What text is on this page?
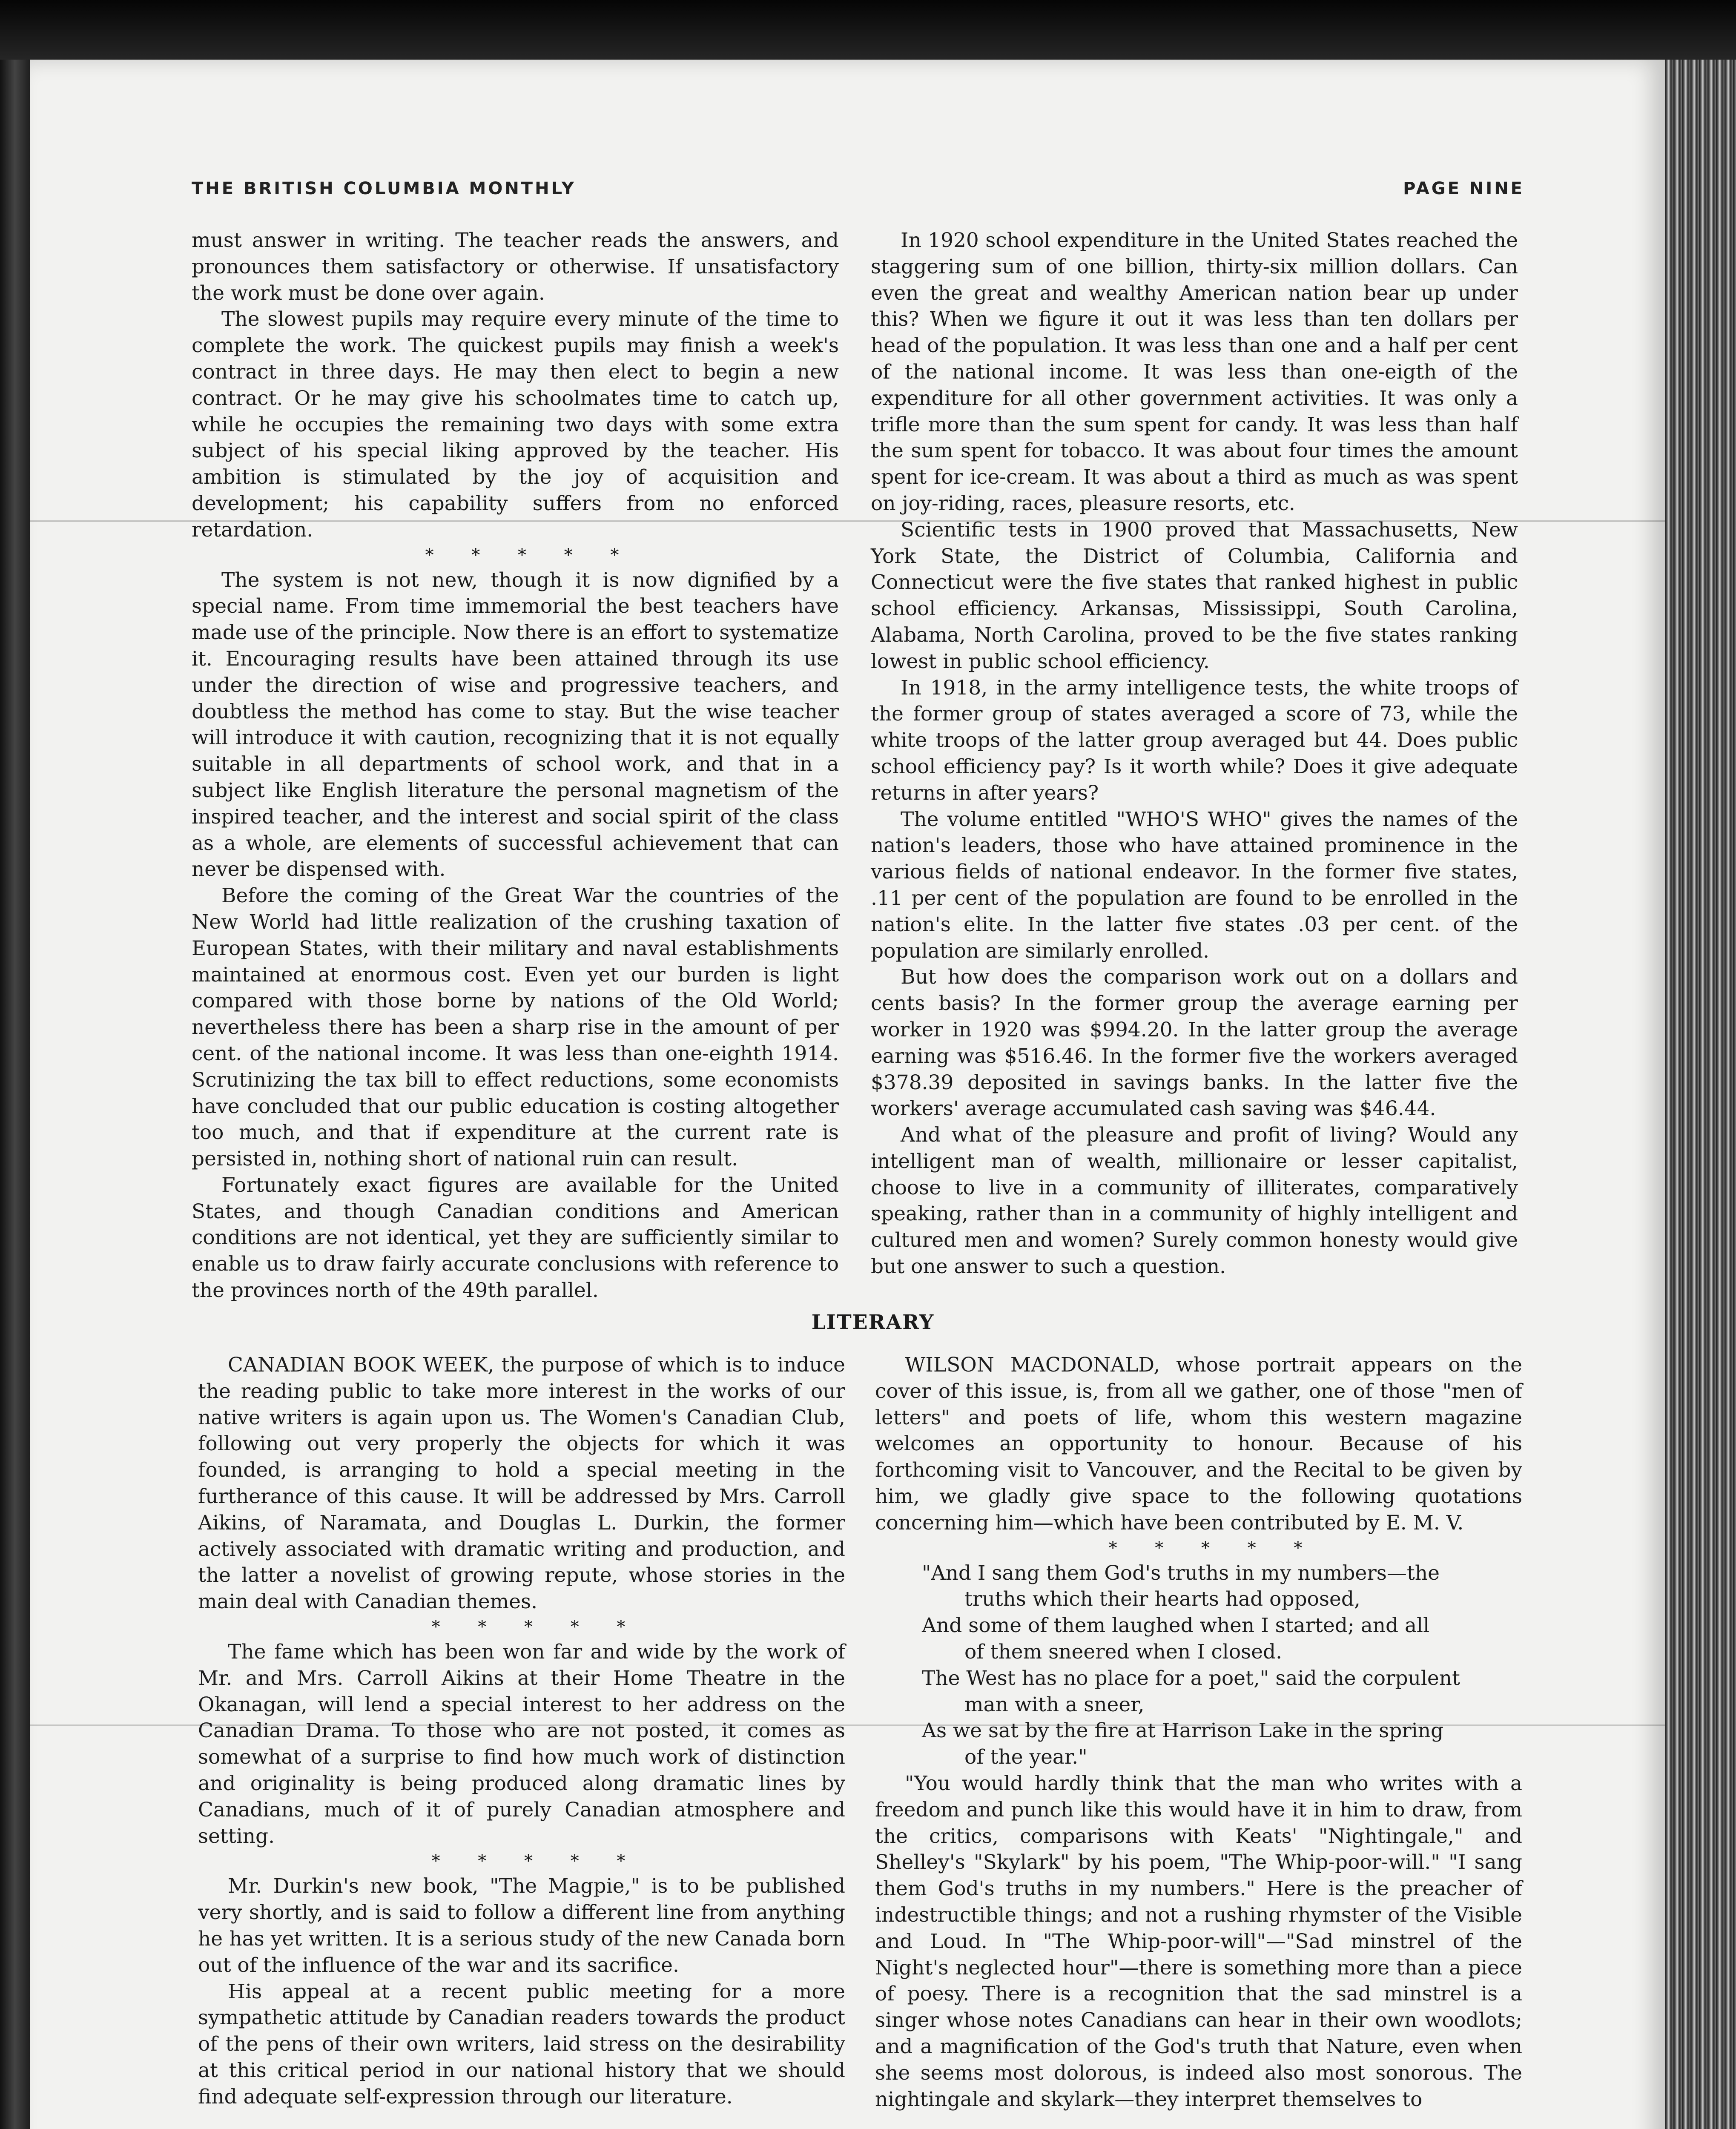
THE BRITISH COLUMBIA MONTHLY	PAGE NINE

must answer in writing. The teacher reads the answers, and pronounces them satisfactory or otherwise. If unsatisfactory the work must be done over again.

The slowest pupils may require every minute of the time to complete the work. The quickest pupils may finish a week's contract in three days. He may then elect to begin a new contract. Or he may give his schoolmates time to catch up, while he occupies the remaining two days with some extra subject of his special liking approved by the teacher. His ambition is stimulated by the joy of acquisition and development; his capability suffers from no enforced retardation.

* * * * *

The system is not new, though it is now dignified by a special name. From time immemorial the best teachers have made use of the principle. Now there is an effort to systematize it. Encouraging results have been attained through its use under the direction of wise and progressive teachers, and doubtless the method has come to stay. But the wise teacher will introduce it with caution, recognizing that it is not equally suitable in all departments of school work, and that in a subject like English literature the personal magnetism of the inspired teacher, and the interest and social spirit of the class as a whole, are elements of successful achievement that can never be dispensed with.

Before the coming of the Great War the countries of the New World had little realization of the crushing taxation of European States, with their military and naval establishments maintained at enormous cost. Even yet our burden is light compared with those borne by nations of the Old World; nevertheless there has been a sharp rise in the amount of per cent. of the national income. It was less than one-eighth 1914. Scrutinizing the tax bill to effect reductions, some economists have concluded that our public education is costing altogether too much, and that if expenditure at the current rate is persisted in, nothing short of national ruin can result.

Fortunately exact figures are available for the United States, and though Canadian conditions and American conditions are not identical, yet they are sufficiently similar to enable us to draw fairly accurate conclusions with reference to the provinces north of the 49th parallel.

In 1920 school expenditure in the United States reached the staggering sum of one billion, thirty-six million dollars. Can even the great and wealthy American nation bear up under this? When we figure it out it was less than ten dollars per head of the population. It was less than one and a half per cent of the national income. It was less than one-eigth of the expenditure for all other government activities. It was only a trifle more than the sum spent for candy. It was less than half the sum spent for tobacco. It was about four times the amount spent for ice-cream. It was about a third as much as was spent on joy-riding, races, pleasure resorts, etc.

Scientific tests in 1900 proved that Massachusetts, New York State, the District of Columbia, California and Connecticut were the five states that ranked highest in public school efficiency. Arkansas, Mississippi, South Carolina, Alabama, North Carolina, proved to be the five states ranking lowest in public school efficiency.

In 1918, in the army intelligence tests, the white troops of the former group of states averaged a score of 73, while the white troops of the latter group averaged but 44. Does public school efficiency pay? Is it worth while? Does it give adequate returns in after years?

The volume entitled "WHO'S WHO" gives the names of the nation's leaders, those who have attained prominence in the various fields of national endeavor. In the former five states, .11 per cent of the population are found to be enrolled in the nation's elite. In the latter five states .03 per cent. of the population are similarly enrolled.

But how does the comparison work out on a dollars and cents basis? In the former group the average earning per worker in 1920 was $994.20. In the latter group the average earning was $516.46. In the former five the workers averaged $378.39 deposited in savings banks. In the latter five the workers' average accumulated cash saving was $46.44.

And what of the pleasure and profit of living? Would any intelligent man of wealth, millionaire or lesser capitalist, choose to live in a community of illiterates, comparatively speaking, rather than in a community of highly intelligent and cultured men and women? Surely common honesty would give but one answer to such a question.

LITERARY

CANADIAN BOOK WEEK, the purpose of which is to induce the reading public to take more interest in the works of our native writers is again upon us. The Women's Canadian Club, following out very properly the objects for which it was founded, is arranging to hold a special meeting in the furtherance of this cause. It will be addressed by Mrs. Carroll Aikins, of Naramata, and Douglas L. Durkin, the former actively associated with dramatic writing and production, and the latter a novelist of growing repute, whose stories in the main deal with Canadian themes.

* * * * *

The fame which has been won far and wide by the work of Mr. and Mrs. Carroll Aikins at their Home Theatre in the Okanagan, will lend a special interest to her address on the Canadian Drama. To those who are not posted, it comes as somewhat of a surprise to find how much work of distinction and originality is being produced along dramatic lines by Canadians, much of it of purely Canadian atmosphere and setting.

* * * * *

Mr. Durkin's new book, "The Magpie," is to be published very shortly, and is said to follow a different line from anything he has yet written. It is a serious study of the new Canada born out of the influence of the war and its sacrifice.

His appeal at a recent public meeting for a more sympathetic attitude by Canadian readers towards the product of the pens of their own writers, laid stress on the desirability at this critical period in our national history that we should find adequate self-expression through our literature.

WILSON MACDONALD, whose portrait appears on the cover of this issue, is, from all we gather, one of those "men of letters" and poets of life, whom this western magazine welcomes an opportunity to honour. Because of his forthcoming visit to Vancouver, and the Recital to be given by him, we gladly give space to the following quotations concerning him—which have been contributed by E. M. V.

* * * * *

"And I sang them God's truths in my numbers—the

truths which their hearts had opposed,

And some of them laughed when I started; and all

of them sneered when I closed.

The West has no place for a poet," said the corpulent

man with a sneer,

As we sat by the fire at Harrison Lake in the spring

of the year."

"You would hardly think that the man who writes with a freedom and punch like this would have it in him to draw, from the critics, comparisons with Keats' "Nightingale," and Shelley's "Skylark" by his poem, "The Whip-poor-will." "I sang them God's truths in my numbers." Here is the preacher of indestructible things; and not a rushing rhymster of the Visible and Loud. In "The Whip-poor-will"—"Sad minstrel of the Night's neglected hour"—there is something more than a piece of poesy. There is a recognition that the sad minstrel is a singer whose notes Canadians can hear in their own woodlots; and a magnification of the God's truth that Nature, even when she seems most dolorous, is indeed also most sonorous. The nightingale and skylark—they interpret themselves to
